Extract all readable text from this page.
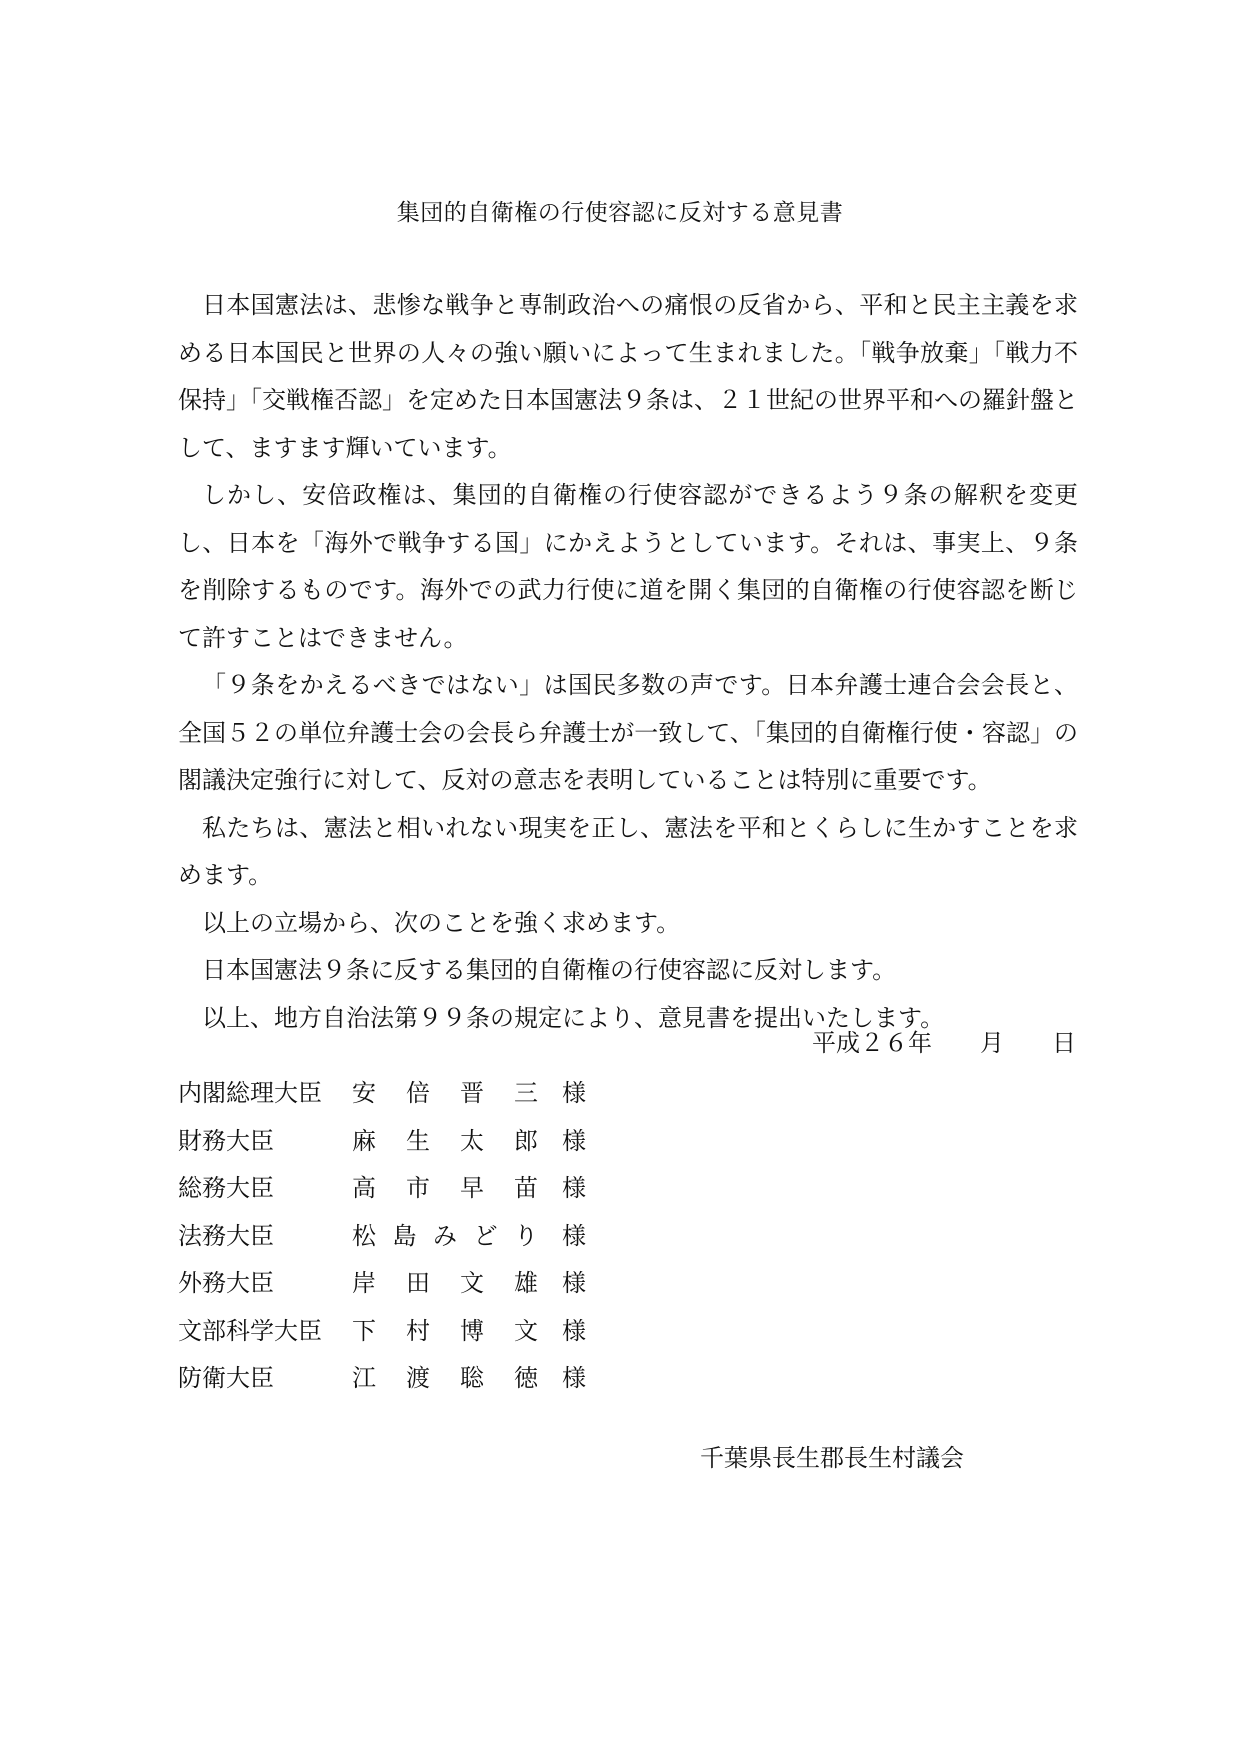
集団的自衛権の行使容認に反対する意見書

日本国憲法は、悲惨な戦争と専制政治への痛恨の反省から、平和と民主主義を求める日本国民と世界の人々の強い願いによって生まれました。「戦争放棄」「戦力不保持」「交戦権否認」を定めた日本国憲法９条は、２１世紀の世界平和への羅針盤として、ますます輝いています。

しかし、安倍政権は、集団的自衛権の行使容認ができるよう９条の解釈を変更し、日本を「海外で戦争する国」にかえようとしています。それは、事実上、９条を削除するものです。海外での武力行使に道を開く集団的自衛権の行使容認を断じて許すことはできません。

「９条をかえるべきではない」は国民多数の声です。日本弁護士連合会会長と、全国５２の単位弁護士会の会長ら弁護士が一致して、「集団的自衛権行使・容認」の閣議決定強行に対して、反対の意志を表明していることは特別に重要です。

私たちは、憲法と相いれない現実を正し、憲法を平和とくらしに生かすことを求めます。

以上の立場から、次のことを強く求めます。

日本国憲法９条に反する集団的自衛権の行使容認に反対します。

以上、地方自治法第９９条の規定により、意見書を提出いたします。

平成２６年　　月　　日
内閣総理大臣 安 倍 晋 三 様
財務大臣	麻 生 太 郎 様
総務大臣	高 市 早 苗 様
法務大臣	松 島 み ど り 様
外務大臣	岸 田 文 雄 様
文部科学大臣 下 村 博 文 様
防衛大臣	江 渡 聡 徳 様
千葉県長生郡長生村議会
